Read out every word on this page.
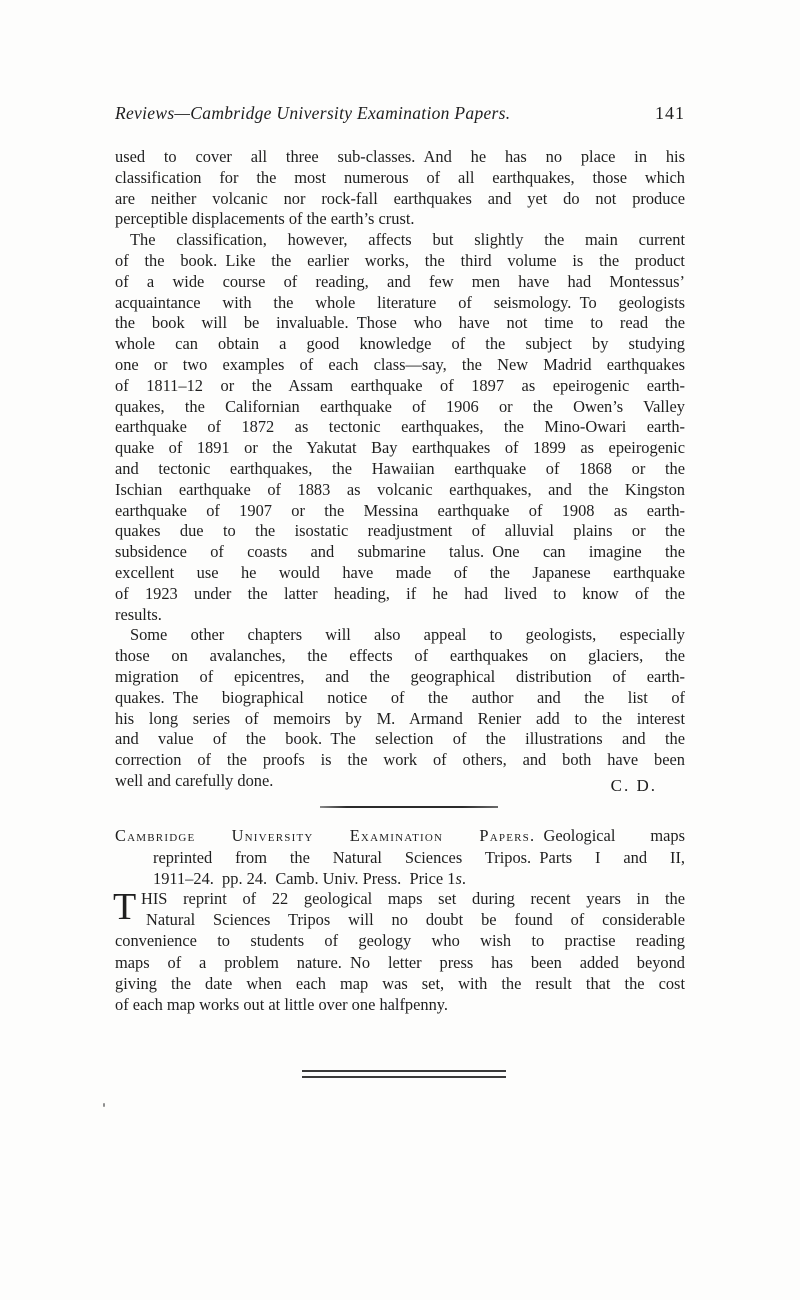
Reviews—Cambridge University Examination Papers.	141
used to cover all three sub-classes. And he has no place in his
classification for the most numerous of all earthquakes, those which
are neither volcanic nor rock-fall earthquakes and yet do not produce
perceptible displacements of the earth’s crust.
The classification, however, affects but slightly the main current
of the book. Like the earlier works, the third volume is the product
of a wide course of reading, and few men have had Montessus’
acquaintance with the whole literature of seismology. To geologists
the book will be invaluable. Those who have not time to read the
whole can obtain a good knowledge of the subject by studying
one or two examples of each class—say, the New Madrid earthquakes
of 1811–12 or the Assam earthquake of 1897 as epeirogenic earth-
quakes, the Californian earthquake of 1906 or the Owen’s Valley
earthquake of 1872 as tectonic earthquakes, the Mino-Owari earth-
quake of 1891 or the Yakutat Bay earthquakes of 1899 as epeirogenic
and tectonic earthquakes, the Hawaiian earthquake of 1868 or the
Ischian earthquake of 1883 as volcanic earthquakes, and the Kingston
earthquake of 1907 or the Messina earthquake of 1908 as earth-
quakes due to the isostatic readjustment of alluvial plains or the
subsidence of coasts and submarine talus. One can imagine the
excellent use he would have made of the Japanese earthquake
of 1923 under the latter heading, if he had lived to know of the
results.
Some other chapters will also appeal to geologists, especially
those on avalanches, the effects of earthquakes on glaciers, the
migration of epicentres, and the geographical distribution of earth-
quakes. The biographical notice of the author and the list of
his long series of memoirs by M. Armand Renier add to the interest
and value of the book. The selection of the illustrations and the
correction of the proofs is the work of others, and both have been
well and carefully done.	C. D.
Cambridge University Examination Papers. Geological maps
reprinted from the Natural Sciences Tripos. Parts I and II,
1911–24. pp. 24. Camb. Univ. Press. Price 1s.
T HIS reprint of 22 geological maps set during recent years in the
Natural Sciences Tripos will no doubt be found of considerable
convenience to students of geology who wish to practise reading
maps of a problem nature. No letter press has been added beyond
giving the date when each map was set, with the result that the cost
of each map works out at little over one halfpenny.
